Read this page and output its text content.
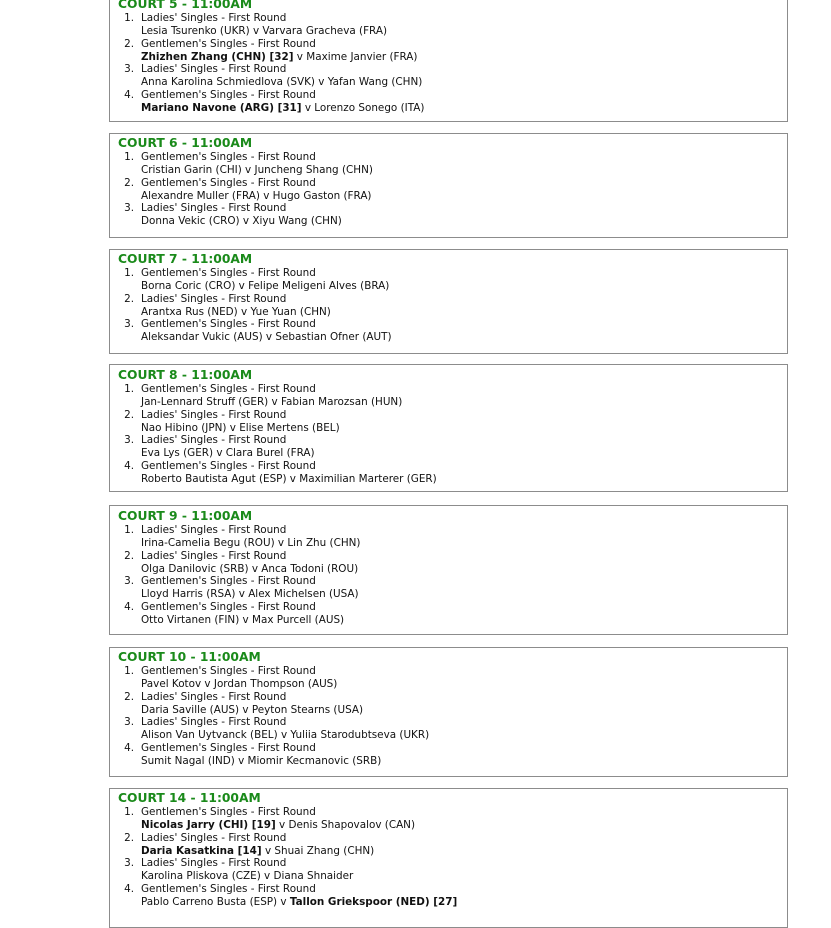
COURT 5 - 11:00AM
1. Ladies' Singles - First Round
Lesia Tsurenko (UKR) v Varvara Gracheva (FRA)
2. Gentlemen's Singles - First Round
Zhizhen Zhang (CHN) [32] v Maxime Janvier (FRA)
3. Ladies' Singles - First Round
Anna Karolina Schmiedlova (SVK) v Yafan Wang (CHN)
4. Gentlemen's Singles - First Round
Mariano Navone (ARG) [31] v Lorenzo Sonego (ITA)
COURT 6 - 11:00AM
1. Gentlemen's Singles - First Round
Cristian Garin (CHI) v Juncheng Shang (CHN)
2. Gentlemen's Singles - First Round
Alexandre Muller (FRA) v Hugo Gaston (FRA)
3. Ladies' Singles - First Round
Donna Vekic (CRO) v Xiyu Wang (CHN)
COURT 7 - 11:00AM
1. Gentlemen's Singles - First Round
Borna Coric (CRO) v Felipe Meligeni Alves (BRA)
2. Ladies' Singles - First Round
Arantxa Rus (NED) v Yue Yuan (CHN)
3. Gentlemen's Singles - First Round
Aleksandar Vukic (AUS) v Sebastian Ofner (AUT)
COURT 8 - 11:00AM
1. Gentlemen's Singles - First Round
Jan-Lennard Struff (GER) v Fabian Marozsan (HUN)
2. Ladies' Singles - First Round
Nao Hibino (JPN) v Elise Mertens (BEL)
3. Ladies' Singles - First Round
Eva Lys (GER) v Clara Burel (FRA)
4. Gentlemen's Singles - First Round
Roberto Bautista Agut (ESP) v Maximilian Marterer (GER)
COURT 9 - 11:00AM
1. Ladies' Singles - First Round
Irina-Camelia Begu (ROU) v Lin Zhu (CHN)
2. Ladies' Singles - First Round
Olga Danilovic (SRB) v Anca Todoni (ROU)
3. Gentlemen's Singles - First Round
Lloyd Harris (RSA) v Alex Michelsen (USA)
4. Gentlemen's Singles - First Round
Otto Virtanen (FIN) v Max Purcell (AUS)
COURT 10 - 11:00AM
1. Gentlemen's Singles - First Round
Pavel Kotov v Jordan Thompson (AUS)
2. Ladies' Singles - First Round
Daria Saville (AUS) v Peyton Stearns (USA)
3. Ladies' Singles - First Round
Alison Van Uytvanck (BEL) v Yuliia Starodubtseva (UKR)
4. Gentlemen's Singles - First Round
Sumit Nagal (IND) v Miomir Kecmanovic (SRB)
COURT 14 - 11:00AM
1. Gentlemen's Singles - First Round
Nicolas Jarry (CHI) [19] v Denis Shapovalov (CAN)
2. Ladies' Singles - First Round
Daria Kasatkina [14] v Shuai Zhang (CHN)
3. Ladies' Singles - First Round
Karolina Pliskova (CZE) v Diana Shnaider
4. Gentlemen's Singles - First Round
Pablo Carreno Busta (ESP) v Tallon Griekspoor (NED) [27]
